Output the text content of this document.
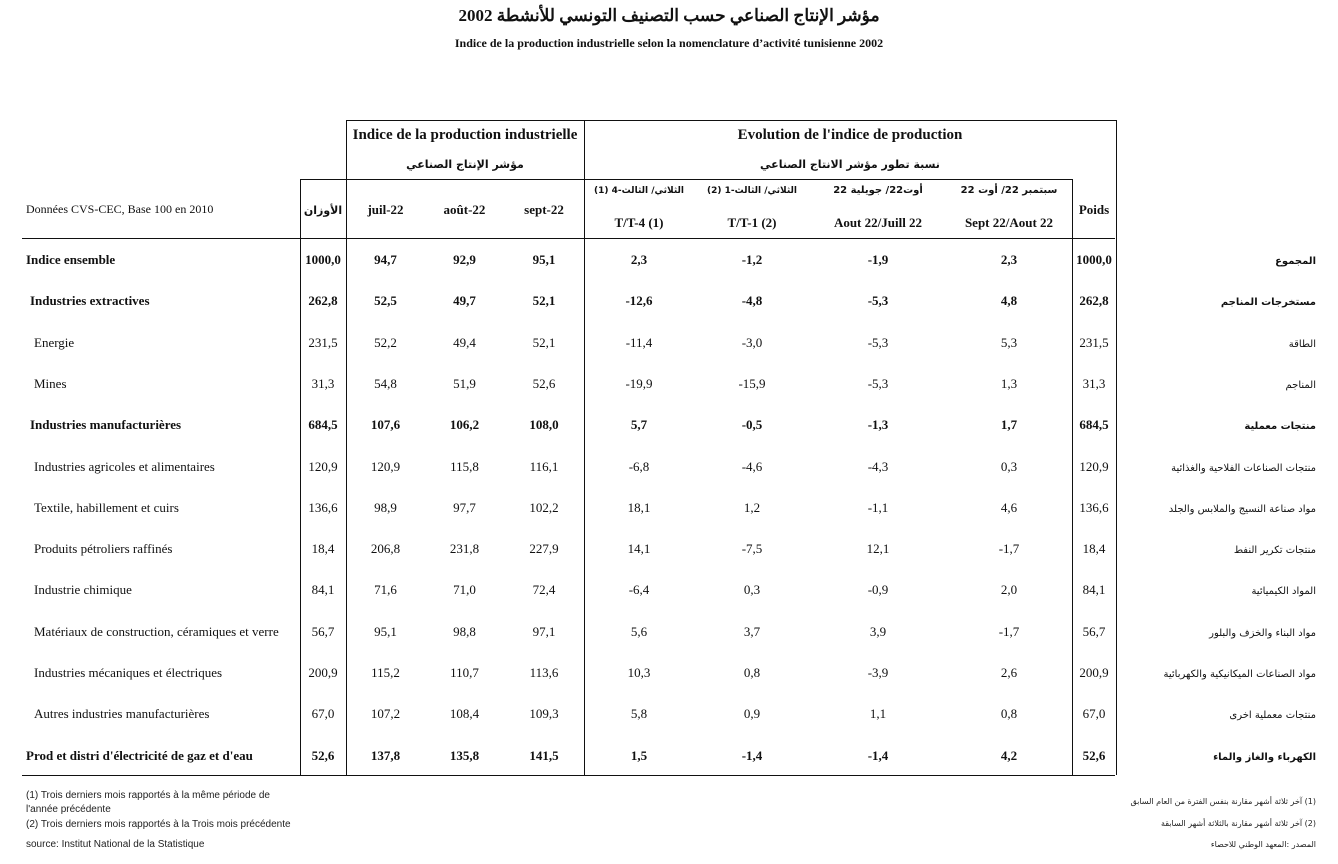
مؤشر الإنتاج الصناعي حسب التصنيف التونسي للأنشطة 2002
Indice de la production industrielle selon la nomenclature d’activité tunisienne 2002
Indice de la production industrielle
مؤشر الإنتاج الصناعي
Evolution de l'indice de production
نسبة تطور مؤشر الانتاج الصناعي
Données CVS-CEC, Base 100 en 2010	الأوزان	juil-22	août-22	sept-22
الثلاثي/ الثالث-4 (1)	الثلاثي/ الثالث-1 (2)	أوت22/ جويلية 22	سبتمبر 22/ أوت 22
T/T-4 (1)	T/T-1 (2)	Aout 22/Juill 22	Sept 22/Aout 22
Poids
Indice ensemble	1000,0	94,7	92,9	95,1	2,3	-1,2	-1,9	2,3	1000,0	المجموع
Industries extractives	262,8	52,5	49,7	52,1	-12,6	-4,8	-5,3	4,8	262,8	مستخرجات المناجم
Energie	231,5	52,2	49,4	52,1	-11,4	-3,0	-5,3	5,3	231,5	الطاقة
Mines	31,3	54,8	51,9	52,6	-19,9	-15,9	-5,3	1,3	31,3	المناجم
Industries manufacturières	684,5	107,6	106,2	108,0	5,7	-0,5	-1,3	1,7	684,5	منتجات معملية
Industries agricoles et alimentaires	120,9	120,9	115,8	116,1	-6,8	-4,6	-4,3	0,3	120,9	منتجات الصناعات الفلاحية والغذائية
Textile, habillement et cuirs	136,6	98,9	97,7	102,2	18,1	1,2	-1,1	4,6	136,6	مواد صناعة النسيج والملابس والجلد
Produits pétroliers raffinés	18,4	206,8	231,8	227,9	14,1	-7,5	12,1	-1,7	18,4	منتجات تكرير النفط
Industrie chimique	84,1	71,6	71,0	72,4	-6,4	0,3	-0,9	2,0	84,1	المواد الكيميائية
Matériaux de construction, céramiques et verre	56,7	95,1	98,8	97,1	5,6	3,7	3,9	-1,7	56,7	مواد البناء والخزف والبلور
Industries mécaniques et électriques	200,9	115,2	110,7	113,6	10,3	0,8	-3,9	2,6	200,9	مواد الصناعات الميكانيكية والكهربائية
Autres industries manufacturières	67,0	107,2	108,4	109,3	5,8	0,9	1,1	0,8	67,0	منتجات معملية اخرى
Prod et distri d'électricité de gaz et d'eau	52,6	137,8	135,8	141,5	1,5	-1,4	-1,4	4,2	52,6	الكهرباء والغاز والماء
(1) Trois derniers mois rapportés à la même période de l'année précédente
(2) Trois derniers mois rapportés à la Trois mois précédente
source: Institut National de la Statistique
(1) آخر ثلاثة أشهر مقارنة بنفس الفترة من العام السابق
(2) آخر ثلاثة أشهر مقارنة بالثلاثة أشهر السابقة
المصدر :المعهد الوطني للاحصاء
